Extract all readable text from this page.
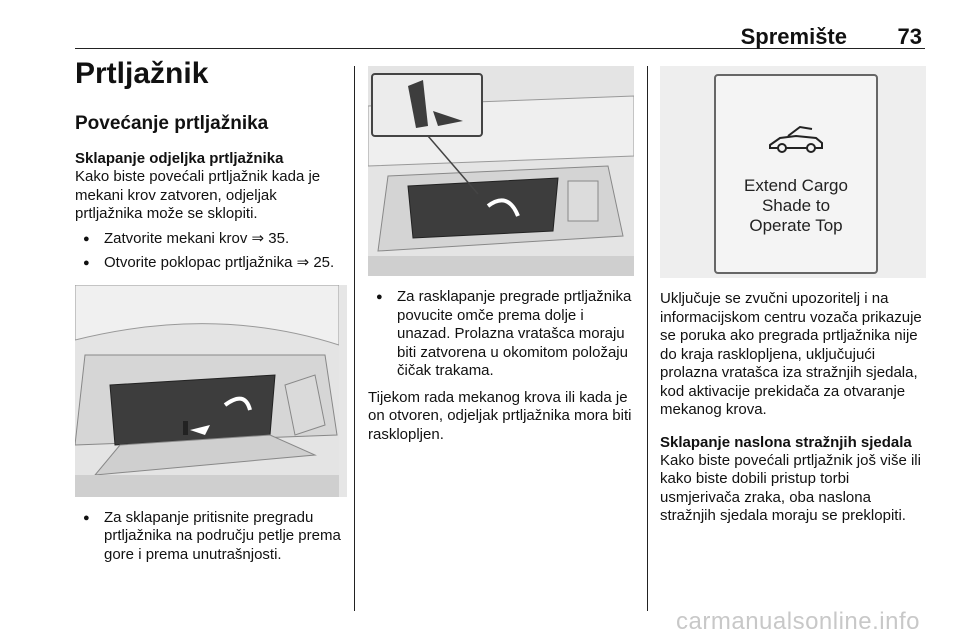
Spremište 73
Prtljažnik
Povećanje prtljažnika
Sklapanje odjeljka prtljažnika
Kako biste povećali prtljažnik kada je mekani krov zatvoren, odjeljak prtljažnika može se sklopiti.
● Zatvorite mekani krov ⇒ 35.
● Otvorite poklopac prtljažnika ⇒ 25.
● Za sklapanje pritisnite pregradu prtljažnika na području petlje prema gore i prema unutrašnjosti.
● Za rasklapanje pregrade prtljažnika povucite omče prema dolje i unazad. Prolazna vratašca moraju biti zatvorena u okomitom položaju čičak trakama.
Tijekom rada mekanog krova ili kada je on otvoren, odjeljak prtljažnika mora biti rasklopljen.
Extend Cargo
Shade to
Operate Top
Uključuje se zvučni upozoritelj i na informacijskom centru vozača prikazuje se poruka ako pregrada prtljažnika nije do kraja rasklopljena, uključujući prolazna vratašca iza stražnjih sjedala, kod aktivacije prekidača za otvaranje mekanog krova.
Sklapanje naslona stražnjih sjedala
Kako biste povećali prtljažnik još više ili kako biste dobili pristup torbi usmjerivača zraka, oba naslona stražnjih sjedala moraju se preklopiti.
carmanualsonline.info
